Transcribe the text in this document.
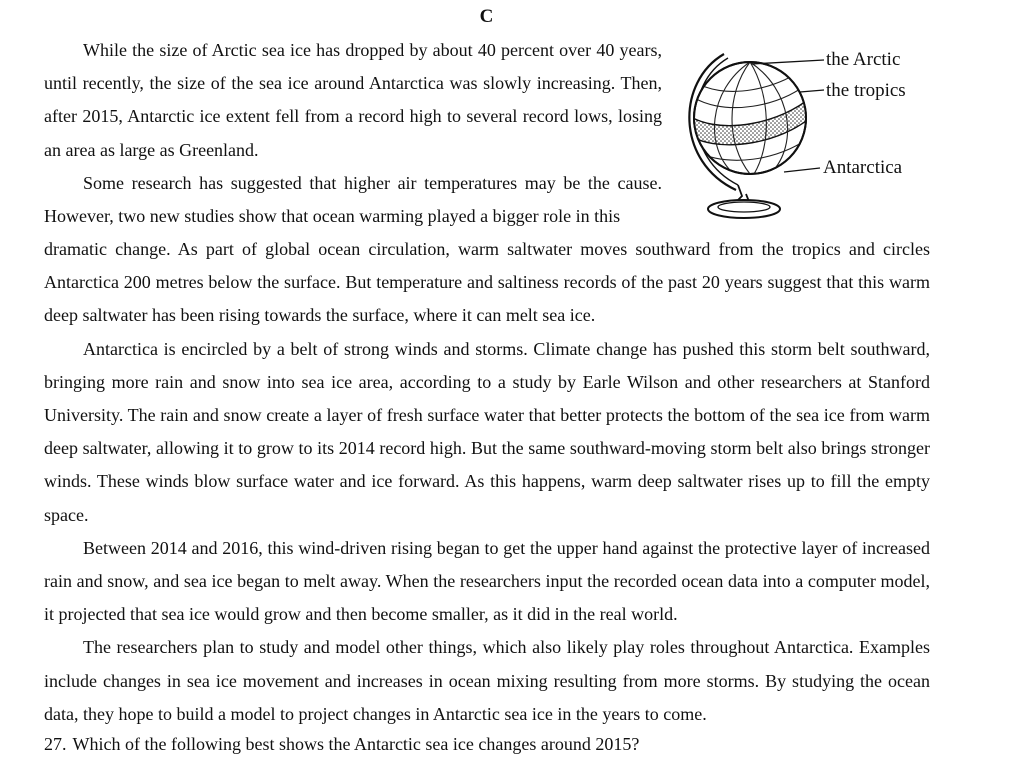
C

While the size of Arctic sea ice has dropped by about 40 percent over 40 years, until recently, the size of the sea ice around Antarctica was slowly increasing. Then, after 2015, Antarctic ice extent fell from a record high to several record lows, losing an area as large as Greenland.

Some research has suggested that higher air temperatures may be the cause. However, two new studies show that ocean warming played a bigger role in this

the Arctic
the tropics
Antarctica

dramatic change. As part of global ocean circulation, warm saltwater moves southward from the tropics and circles Antarctica 200 metres below the surface. But temperature and saltiness records of the past 20 years suggest that this warm deep saltwater has been rising towards the surface, where it can melt sea ice.

Antarctica is encircled by a belt of strong winds and storms. Climate change has pushed this storm belt southward, bringing more rain and snow into sea ice area, according to a study by Earle Wilson and other researchers at Stanford University. The rain and snow create a layer of fresh surface water that better protects the bottom of the sea ice from warm deep saltwater, allowing it to grow to its 2014 record high. But the same southward-moving storm belt also brings stronger winds. These winds blow surface water and ice forward. As this happens, warm deep saltwater rises up to fill the empty space.

Between 2014 and 2016, this wind-driven rising began to get the upper hand against the protective layer of increased rain and snow, and sea ice began to melt away. When the researchers input the recorded ocean data into a computer model, it projected that sea ice would grow and then become smaller, as it did in the real world.

The researchers plan to study and model other things, which also likely play roles throughout Antarctica. Examples include changes in sea ice movement and increases in ocean mixing resulting from more storms. By studying the ocean data, they hope to build a model to project changes in Antarctic sea ice in the years to come.

27. Which of the following best shows the Antarctic sea ice changes around 2015?
